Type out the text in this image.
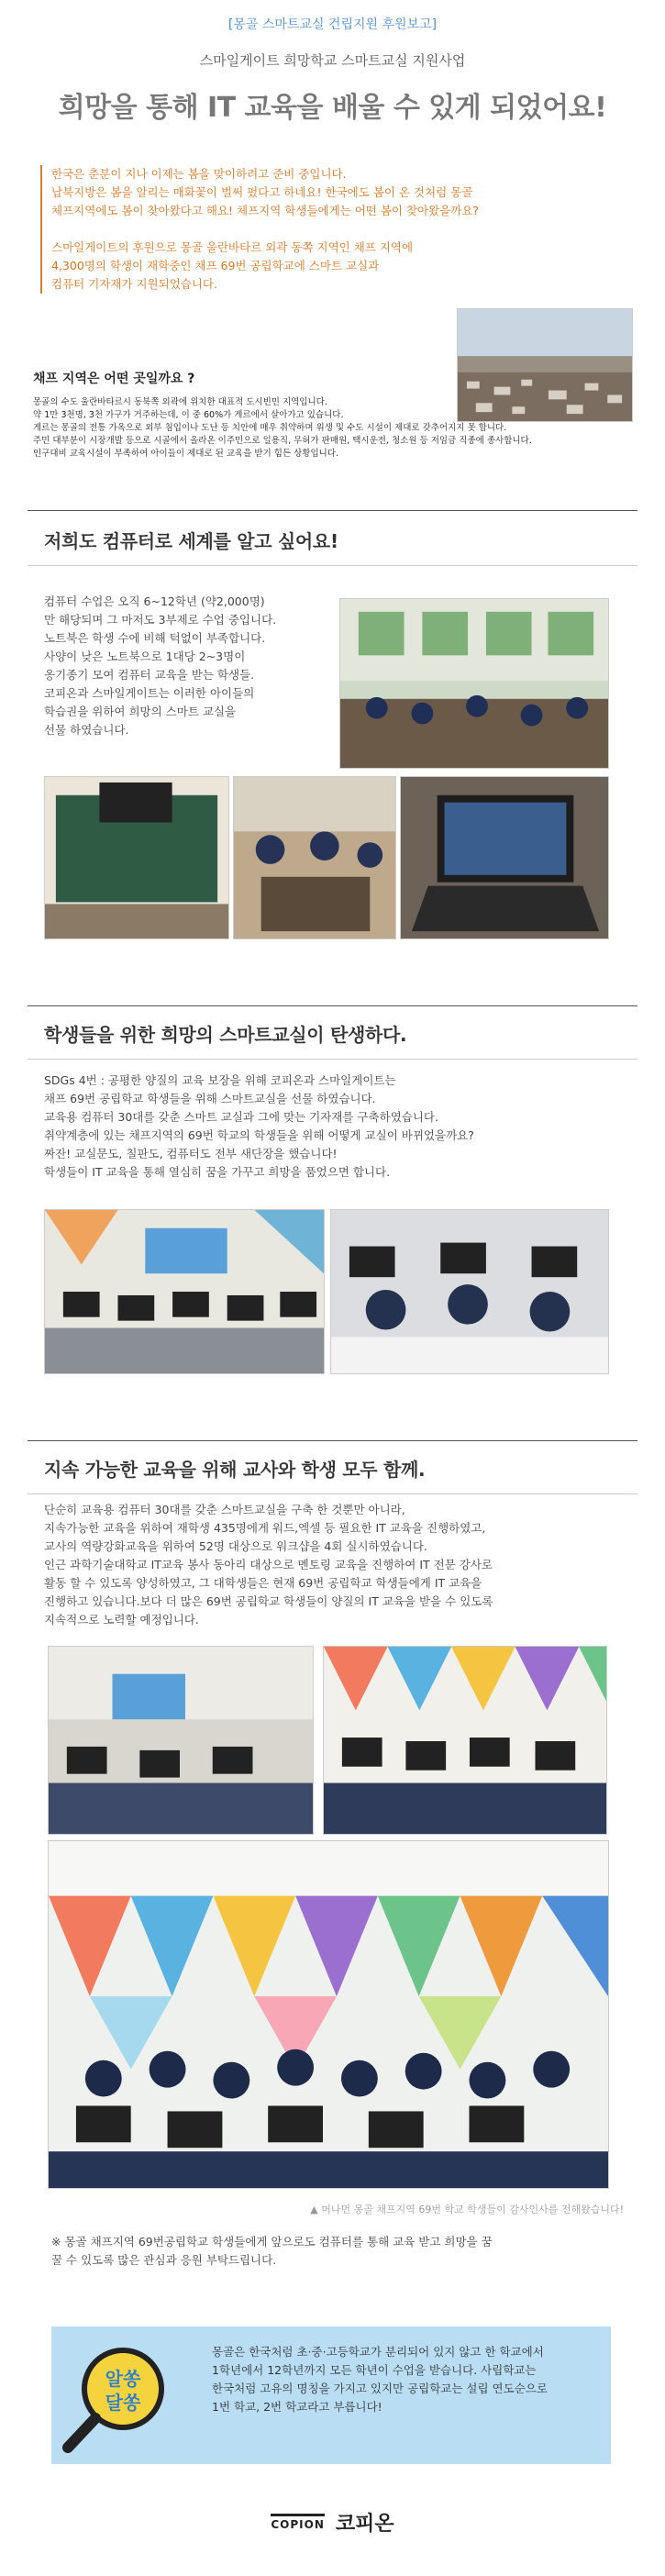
[몽골 스마트교실 건립지원 후원보고]
스마일게이트 희망학교 스마트교실 지원사업
희망을 통해 IT 교육을 배울 수 있게 되었어요!

한국은 춘분이 지나 이제는 봄을 맞이하려고 준비 중입니다.

납북지방은 봄을 알리는 매화꽃이 벌써 펐다고 하네요! 한국에도 봄이 온 것처럼 몽골

체프지역에도 봄이 찾아왔다고 해요! 체프지역 학생들에게는 어떤 봄이 찾아왔을까요?

스마일게이트의 후원으로 몽골 울란바타르 외곽 동쪽 지역인 채프 지역에

4,300명의 학생이 재학중인 채프 69번 공립학교에 스마트 교실과

컴퓨터 기자재가 지원되었습니다.

채프 지역은 어떤 곳일까요 ?
몽골의 수도 울란바타르시 동북쪽 외곽에 위치한 대표적 도시빈민 지역입니다.
약 1만 3천명, 3천 가구가 거주하는데, 이 중 60%가 게르에서 살아가고 있습니다.
게르는 몽골의 전통 가옥으로 외부 침입이나 도난 등 치안에 매우 취약하며 위생 및 수도 시설이 제대로 갖추어지지 못 합니다.
주민 대부분이 시장개발 등으로 시골에서 올라온 이주민으로 일용직, 무허가 판매원, 택시운전, 청소원 등 저임금 직종에 종사합니다.
인구대비 교육시설이 부족하여 아이들이 제대로 된 교육을 받기 힘든 상황입니다.
저희도 컴퓨터로 세계를 알고 싶어요!
컴퓨터 수업은 오직 6~12학년 (약2,000명)
만 해당되며 그 마저도 3부제로 수업 중입니다.
노트북은 학생 수에 비해 턱없이 부족합니다.
사양이 낮은 노트북으로 1대당 2~3명이
옹기종기 모여 컴퓨터 교육을 받는 학생들.
코피온과 스마일게이트는 이러한 아이들의
학습권을 위하여 희망의 스마트 교실을
선물 하였습니다.
학생들을 위한 희망의 스마트교실이 탄생하다.
SDGs 4번 : 공평한 양질의 교육 보장을 위해 코피온과 스마일게이트는
채프 69번 공립학교 학생들을 위해 스마트교실을 선물 하였습니다.
교육용 컴퓨터 30대를 갖춘 스마트 교실과 그에 맞는 기자재를 구축하였습니다.
취약계층에 있는 채프지역의 69번 학교의 학생들을 위해 어떻게 교실이 바뀌었을까요?
짜잔! 교실문도, 칠판도, 컴퓨터도 전부 새단장을 했습니다!
학생들이 IT 교육을 통해 열심히 꿈을 가꾸고 희망을 품었으면 합니다.
지속 가능한 교육을 위해 교사와 학생 모두 함께.
단순히 교육용 컴퓨터 30대를 갖춘 스마트교실을 구축 한 것뿐만 아니라,
지속가능한 교육을 위하여 재학생 435명에게 워드,엑셀 등 필요한 IT 교육을 진행하였고,
교사의 역량강화교육을 위하여 52명 대상으로 워크샵을 4회 실시하였습니다.
인근 과학기술대학교 IT교육 봉사 동아리 대상으로 멘토링 교육을 진행하여 IT 전문 강사로
활동 할 수 있도록 양성하였고, 그 대학생들은 현재 69번 공립학교 학생들에게 IT 교육을
진행하고 있습니다.보다 더 많은 69번 공립학교 학생들이 양질의 IT 교육을 받을 수 있도록
지속적으로 노력할 예정입니다.
▲ 머나먼 몽골 채프지역 69번 학교 학생들이 감사인사를 전해왔습니다!
※ 몽골 채프지역 69번공립학교 학생들에게 앞으로도 컴퓨터를 통해 교육 받고 희망을 꿈
꿀 수 있도록 많은 관심과 응원 부탁드립니다.
알쏭
달쏭
몽골은 한국처럼 초·중·고등학교가 분리되어 있지 않고 한 학교에서
1학년에서 12학년까지 모든 학년이 수업을 받습니다. 사립학교는
한국처럼 고유의 명칭을 가지고 있지만 공립학교는 설립 연도순으로
1번 학교, 2번 학교라고 부릅니다!
COPION 코피온
